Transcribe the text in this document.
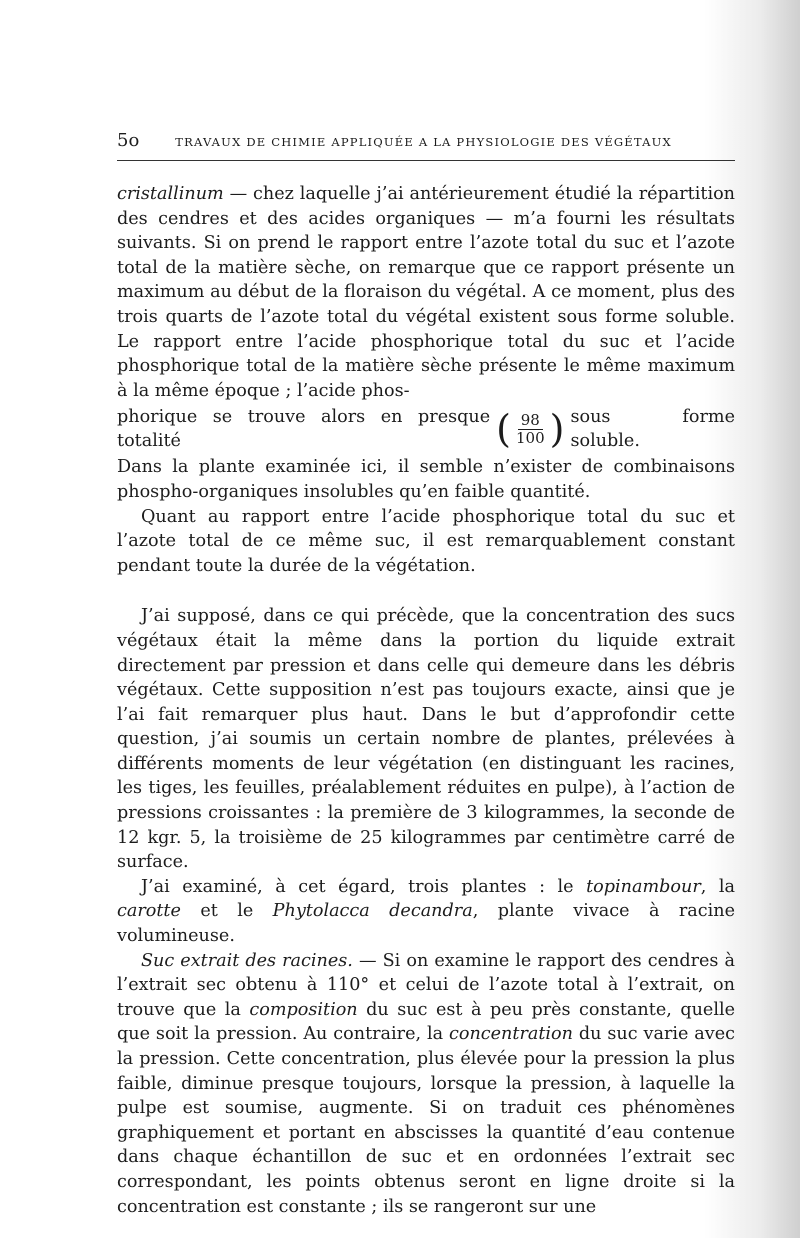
5o	TRAVAUX DE CHIMIE APPLIQUÉE A LA PHYSIOLOGIE DES VÉGÉTAUX

cristallinum — chez laquelle j’ai antérieurement étudié la répartition des cendres et des acides organiques — m’a fourni les résultats suivants. Si on prend le rapport entre l’azote total du suc et l’azote total de la matière sèche, on remarque que ce rapport présente un maximum au début de la floraison du végétal. A ce moment, plus des trois quarts de l’azote total du végétal existent sous forme soluble. Le rapport entre l’acide phosphorique total du suc et l’acide phosphorique total de la matière sèche présente le même maximum à la même époque ; l’acide phos-

phorique se trouve alors en presque totalité	( $\frac{98}{100}$ ) sous forme soluble.

Dans la plante examinée ici, il semble n’exister de combinaisons phospho-organiques insolubles qu’en faible quantité.

Quant au rapport entre l’acide phosphorique total du suc et l’azote total de ce même suc, il est remarquablement constant pendant toute la durée de la végétation.

J’ai supposé, dans ce qui précède, que la concentration des sucs végétaux était la même dans la portion du liquide extrait directement par pression et dans celle qui demeure dans les débris végétaux. Cette supposition n’est pas toujours exacte, ainsi que je l’ai fait remarquer plus haut. Dans le but d’approfondir cette question, j’ai soumis un certain nombre de plantes, prélevées à différents moments de leur végétation (en distinguant les racines, les tiges, les feuilles, préalablement réduites en pulpe), à l’action de pressions croissantes : la première de 3 kilogrammes, la seconde de 12 kgr. 5, la troisième de 25 kilogrammes par centimètre carré de surface.

J’ai examiné, à cet égard, trois plantes : le topinambour, la carotte et le Phytolacca decandra, plante vivace à racine volumineuse.

Suc extrait des racines. — Si on examine le rapport des cendres à l’extrait sec obtenu à 110° et celui de l’azote total à l’extrait, on trouve que la composition du suc est à peu près constante, quelle que soit la pression. Au contraire, la concentration du suc varie avec la pression. Cette concentration, plus élevée pour la pression la plus faible, diminue presque toujours, lorsque la pression, à laquelle la pulpe est soumise, augmente. Si on traduit ces phénomènes graphiquement et portant en abscisses la quantité d’eau contenue dans chaque échantillon de suc et en ordonnées l’extrait sec correspondant, les points obtenus seront en ligne droite si la concentration est constante ; ils se rangeront sur une
